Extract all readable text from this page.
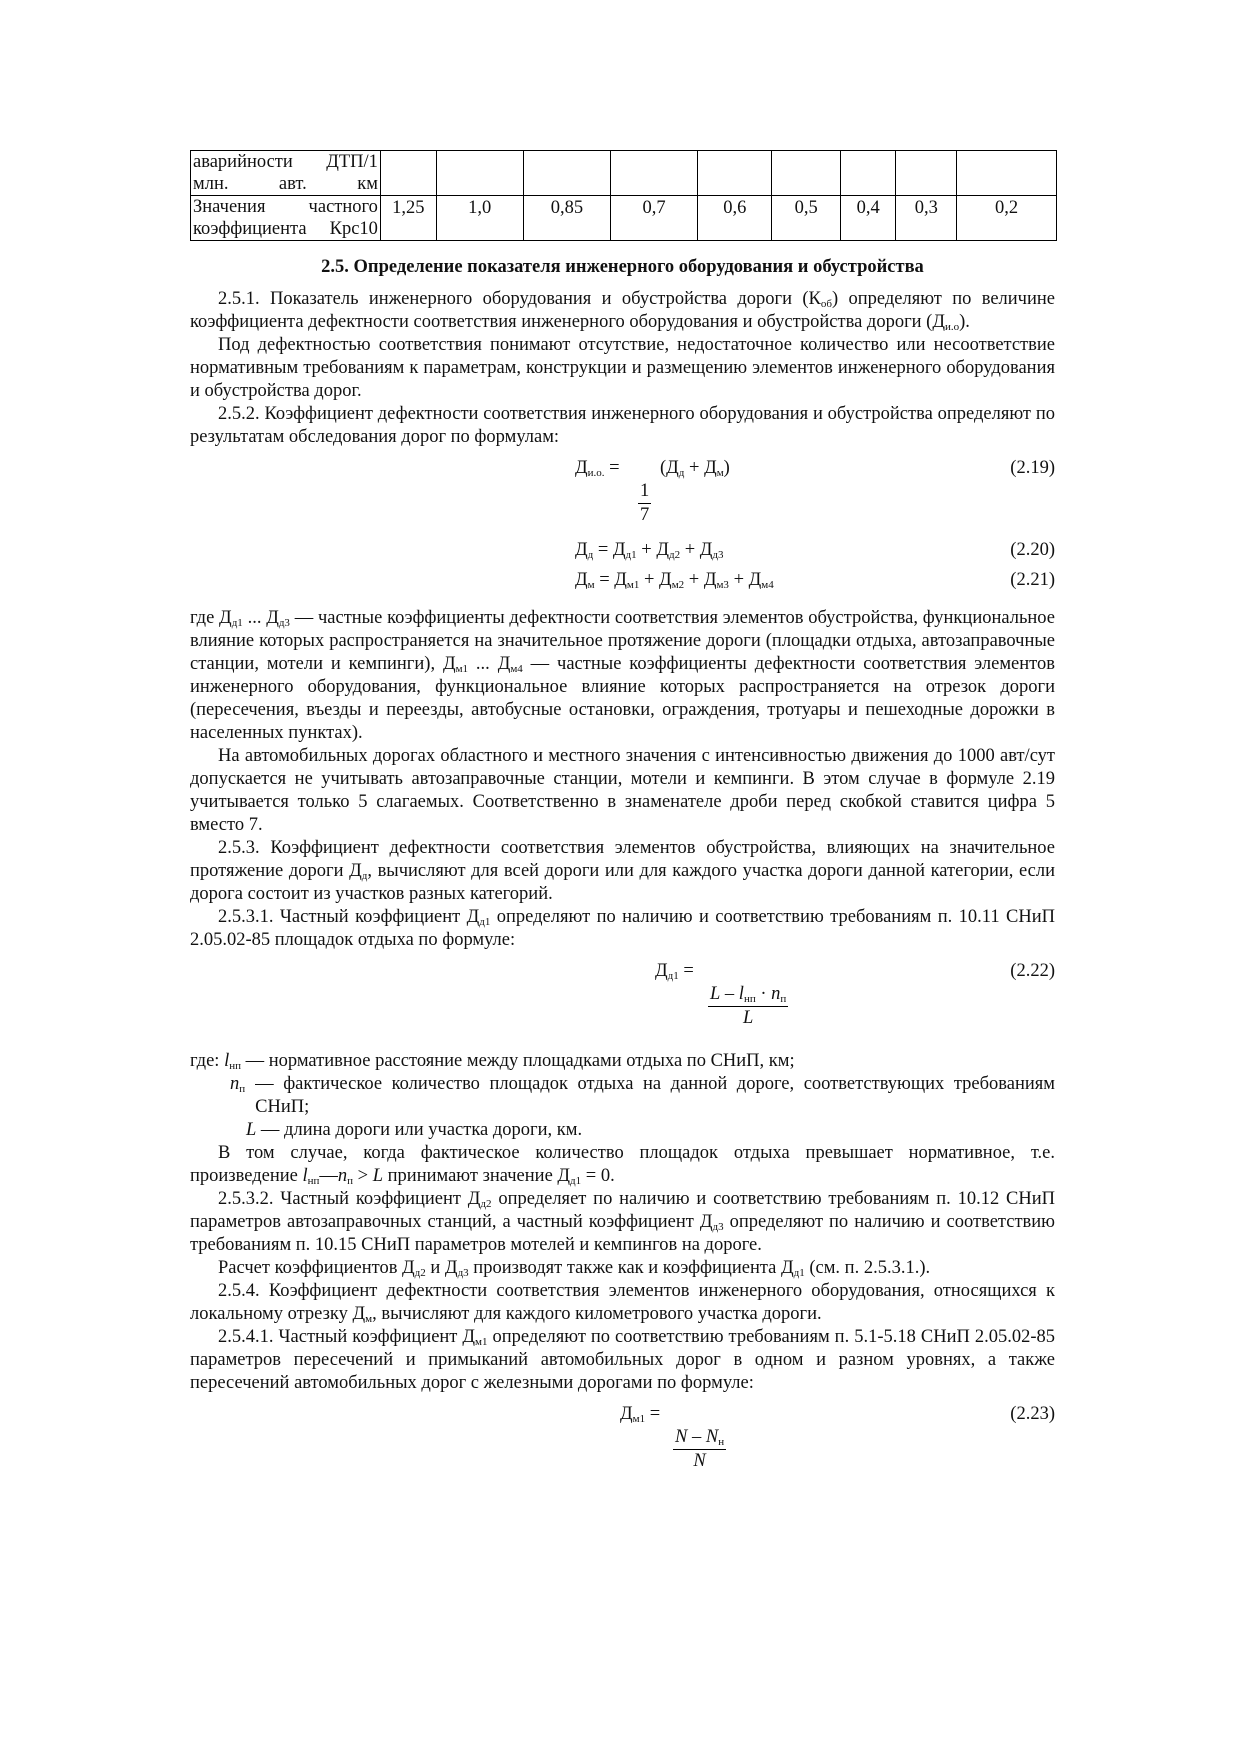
аварийности ДТП/1 млн. авт. км									
Значения частного коэффициента Крс10	1,25	1,0	0,85	0,7	0,6	0,5	0,4	0,3	0,2
2.5. Определение показателя инженерного оборудования и обустройства

2.5.1. Показатель инженерного оборудования и обустройства дороги $(К_{об})$ определяют по величине коэффициента дефектности соответствия инженерного оборудования и обустройства дороги $(Д_{и.о})$.

Под дефектностью соответствия понимают отсутствие, недостаточное количество или несоответствие нормативным требованиям к параметрам, конструкции и размещению элементов инженерного оборудования и обустройства дорог.

2.5.2. Коэффициент дефектности соответствия инженерного оборудования и обустройства определяют по результатам обследования дорог по формулам:

$Д_{и.о.} = (Д_д + Д_м)$
$\frac{1}{7}$
(2.19)
$Д_д = Д_{д1} + Д_{д2} + Д_{д3}$	(2.20)
$Д_м = Д_{м1} + Д_{м2} + Д_{м3} + Д_{м4}$	(2.21)

где $Д_{д1}$ ... $Д_{д3}$ — частные коэффициенты дефектности соответствия элементов обустройства, функциональное влияние которых распространяется на значительное протяжение дороги (площадки отдыха, автозаправочные станции, мотели и кемпинги), $Д_{м1}$ ... $Д_{м4}$ — частные коэффициенты дефектности соответствия элементов инженерного оборудования, функциональное влияние которых распространяется на отрезок дороги (пересечения, въезды и переезды, автобусные остановки, ограждения, тротуары и пешеходные дорожки в населенных пунктах).

На автомобильных дорогах областного и местного значения с интенсивностью движения до 1000 авт/сут допускается не учитывать автозаправочные станции, мотели и кемпинги. В этом случае в формуле 2.19 учитывается только 5 слагаемых. Соответственно в знаменателе дроби перед скобкой ставится цифра 5 вместо 7.

2.5.3. Коэффициент дефектности соответствия элементов обустройства, влияющих на значительное протяжение дороги $Д_д$, вычисляют для всей дороги или для каждого участка дороги данной категории, если дорога состоит из участков разных категорий.

2.5.3.1. Частный коэффициент $Д_{д1}$ определяют по наличию и соответствию требованиям п. 10.11 СНиП 2.05.02-85 площадок отдыха по формуле:

$Д_{д1}$ =
$L - l_{нп} \cdot n_п$
L
(2.22)

где: $l_{нп}$ — нормативное расстояние между площадками отдыха по СНиП, км;

$n_п$ — фактическое количество площадок отдыха на данной дороге, соответствующих требованиям СНиП;

L — длина дороги или участка дороги, км.

В том случае, когда фактическое количество площадок отдыха превышает нормативное, т.е. произведение $l_{нп}—n_п > L$ принимают значение $Д_{д1} = 0$.

2.5.3.2. Частный коэффициент $Д_{д2}$ определяет по наличию и соответствию требованиям п. 10.12 СНиП параметров автозаправочных станций, а частный коэффициент $Д_{д3}$ определяют по наличию и соответствию требованиям п. 10.15 СНиП параметров мотелей и кемпингов на дороге.

Расчет коэффициентов $Д_{д2}$ и $Д_{д3}$ производят также как и коэффициента $Д_{д1}$ (см. п. 2.5.3.1.).

2.5.4. Коэффициент дефектности соответствия элементов инженерного оборудования, относящихся к локальному отрезку $Д_м$, вычисляют для каждого километрового участка дороги.

2.5.4.1. Частный коэффициент $Д_{м1}$ определяют по соответствию требованиям п. 5.1-5.18 СНиП 2.05.02-85 параметров пересечений и примыканий автомобильных дорог в одном и разном уровнях, а также пересечений автомобильных дорог с железными дорогами по формуле:

$Д_{м1}$ =
N – $N_н$
N
(2.23)
